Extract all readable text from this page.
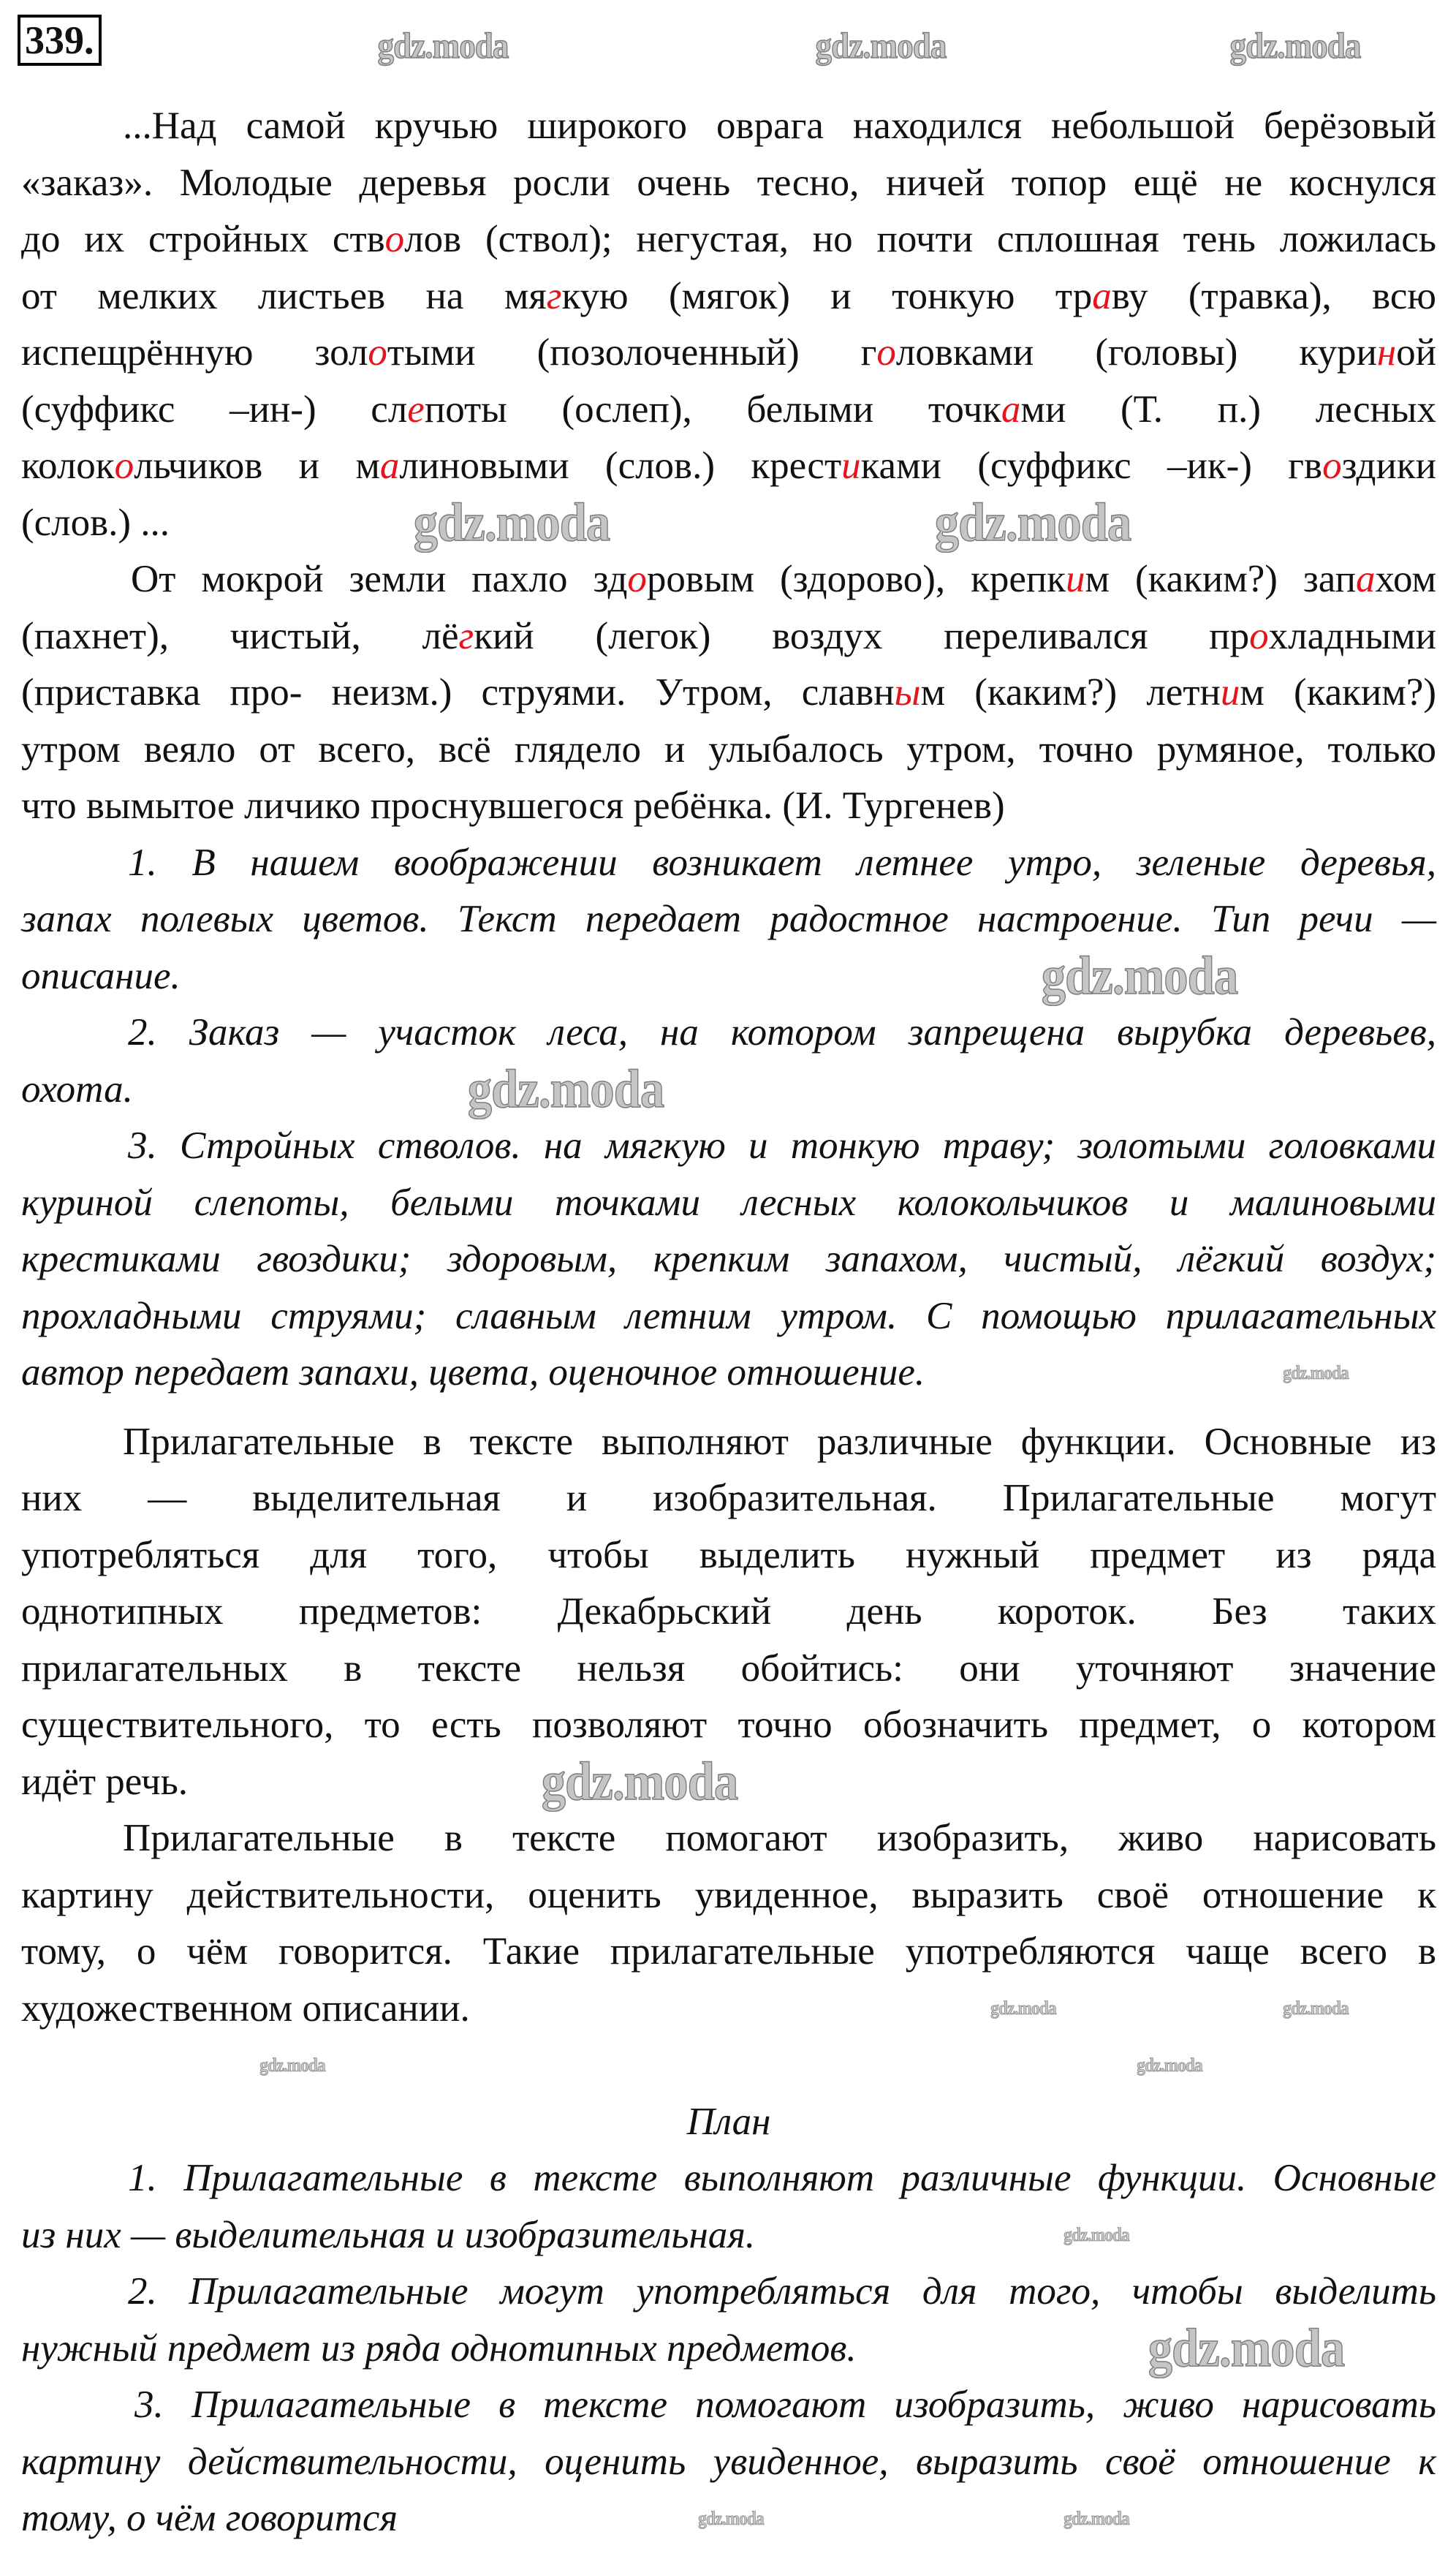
339.
...Над самой кручью широкого оврага находился небольшой берёзовый
«заказ». Молодые деревья росли очень тесно, ничей топор ещё не коснулся
до их стройных стволов (ствол); негустая, но почти сплошная тень ложилась
от мелких листьев на мягкую (мягок) и тонкую траву (травка), всю
испещрённую золотыми (позолоченный) головками (головы) куриной
(суффикс –ин-) слепоты (ослеп), белыми точками (Т. п.) лесных
колокольчиков и малиновыми (слов.) крестиками (суффикс –ик-) гвоздики
(слов.) ...
От мокрой земли пахло здоровым (здорово), крепким (каким?) запахом
(пахнет), чистый, лёгкий (легок) воздух переливался прохладными
(приставка про- неизм.) струями. Утром, славным (каким?) летним (каким?)
утром веяло от всего, всё глядело и улыбалось утром, точно румяное, только
что вымытое личико проснувшегося ребёнка. (И. Тургенев)
1. В нашем воображении возникает летнее утро, зеленые деревья,
запах полевых цветов. Текст передает радостное настроение. Тип речи —
описание.
2. Заказ — участок леса, на котором запрещена вырубка деревьев,
охота.
3. Стройных стволов. на мягкую и тонкую траву; золотыми головками
куриной слепоты, белыми точками лесных колокольчиков и малиновыми
крестиками гвоздики; здоровым, крепким запахом, чистый, лёгкий воздух;
прохладными струями; славным летним утром. С помощью прилагательных
автор передает запахи, цвета, оценочное отношение.
Прилагательные в тексте выполняют различные функции. Основные из
них — выделительная и изобразительная. Прилагательные могут
употребляться для того, чтобы выделить нужный предмет из ряда
однотипных предметов: Декабрьский день короток. Без таких
прилагательных в тексте нельзя обойтись: они уточняют значение
существительного, то есть позволяют точно обозначить предмет, о котором
идёт речь.
Прилагательные в тексте помогают изобразить, живо нарисовать
картину действительности, оценить увиденное, выразить своё отношение к
тому, о чём говорится. Такие прилагательные употребляются чаще всего в
художественном описании.
План
1. Прилагательные в тексте выполняют различные функции. Основные
из них — выделительная и изобразительная.
2. Прилагательные могут употребляться для того, чтобы выделить
нужный предмет из ряда однотипных предметов.
3. Прилагательные в тексте помогают изобразить, живо нарисовать
картину действительности, оценить увиденное, выразить своё отношение к
тому, о чём говорится
gdz.moda	gdz.moda	gdz.moda
gdz.moda	gdz.moda
gdz.moda
gdz.moda
gdz.moda
gdz.moda
gdz.moda
gdz.moda	gdz.moda
gdz.moda	gdz.moda
gdz.moda
gdz.moda	gdz.moda
